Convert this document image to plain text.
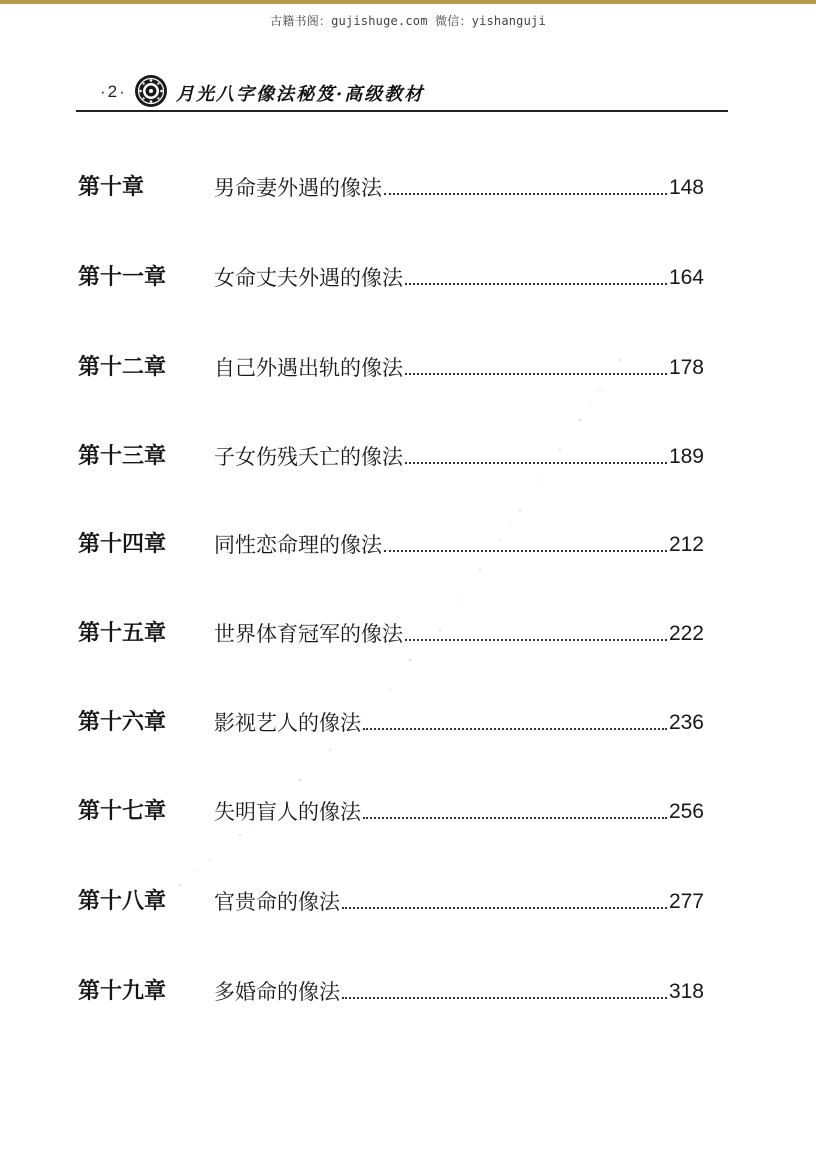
古籍书阁：gujishuge.com 微信：yishanguji
· 2 ·	月光八字像法秘笈·高级教材
第十章	男命妻外遇的像法	148
第十一章	女命丈夫外遇的像法	164
第十二章	自己外遇出轨的像法	178
第十三章	子女伤残夭亡的像法	189
第十四章	同性恋命理的像法	212
第十五章	世界体育冠军的像法	222
第十六章	影视艺人的像法	236
第十七章	失明盲人的像法	256
第十八章	官贵命的像法	277
第十九章	多婚命的像法	318
